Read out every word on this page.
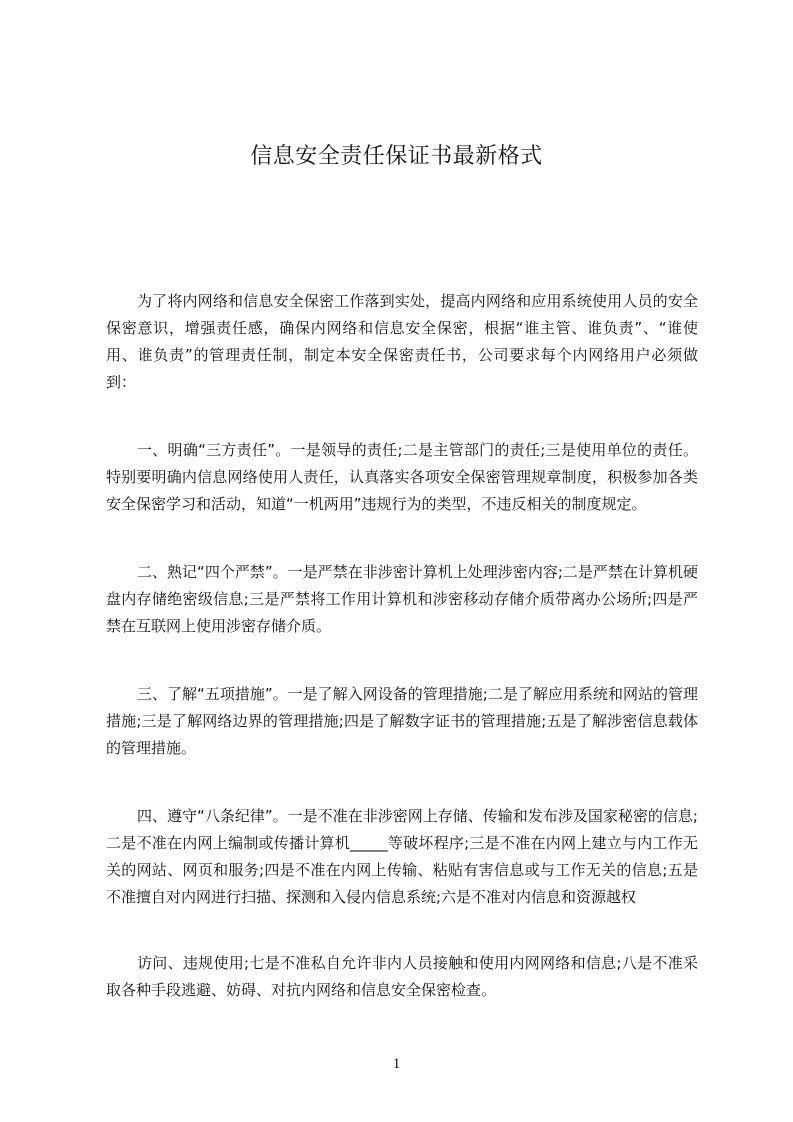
信息安全责任保证书最新格式

为了将内网络和信息安全保密工作落到实处，提高内网络和应用系统使用人员的安全保密意识，增强责任感，确保内网络和信息安全保密，根据“谁主管、谁负责”、“谁使用、谁负责”的管理责任制，制定本安全保密责任书，公司要求每个内网络用户必须做到：

一、明确“三方责任”。一是领导的责任;二是主管部门的责任;三是使用单位的责任。特别要明确内信息网络使用人责任，认真落实各项安全保密管理规章制度，积极参加各类安全保密学习和活动，知道“一机两用”违规行为的类型，不违反相关的制度规定。

二、熟记“四个严禁”。一是严禁在非涉密计算机上处理涉密内容;二是严禁在计算机硬盘内存储绝密级信息;三是严禁将工作用计算机和涉密移动存储介质带离办公场所;四是严禁在互联网上使用涉密存储介质。

三、了解“五项措施”。一是了解入网设备的管理措施;二是了解应用系统和网站的管理措施;三是了解网络边界的管理措施;四是了解数字证书的管理措施;五是了解涉密信息载体的管理措施。

四、遵守“八条纪律”。一是不准在非涉密网上存储、传输和发布涉及国家秘密的信息;二是不准在内网上编制或传播计算机_____等破坏程序;三是不准在内网上建立与内工作无关的网站、网页和服务;四是不准在内网上传输、粘贴有害信息或与工作无关的信息;五是不准擅自对内网进行扫描、探测和入侵内信息系统;六是不准对内信息和资源越权

访问、违规使用;七是不准私自允许非内人员接触和使用内网网络和信息;八是不准采取各种手段逃避、妨碍、对抗内网络和信息安全保密检查。

1
